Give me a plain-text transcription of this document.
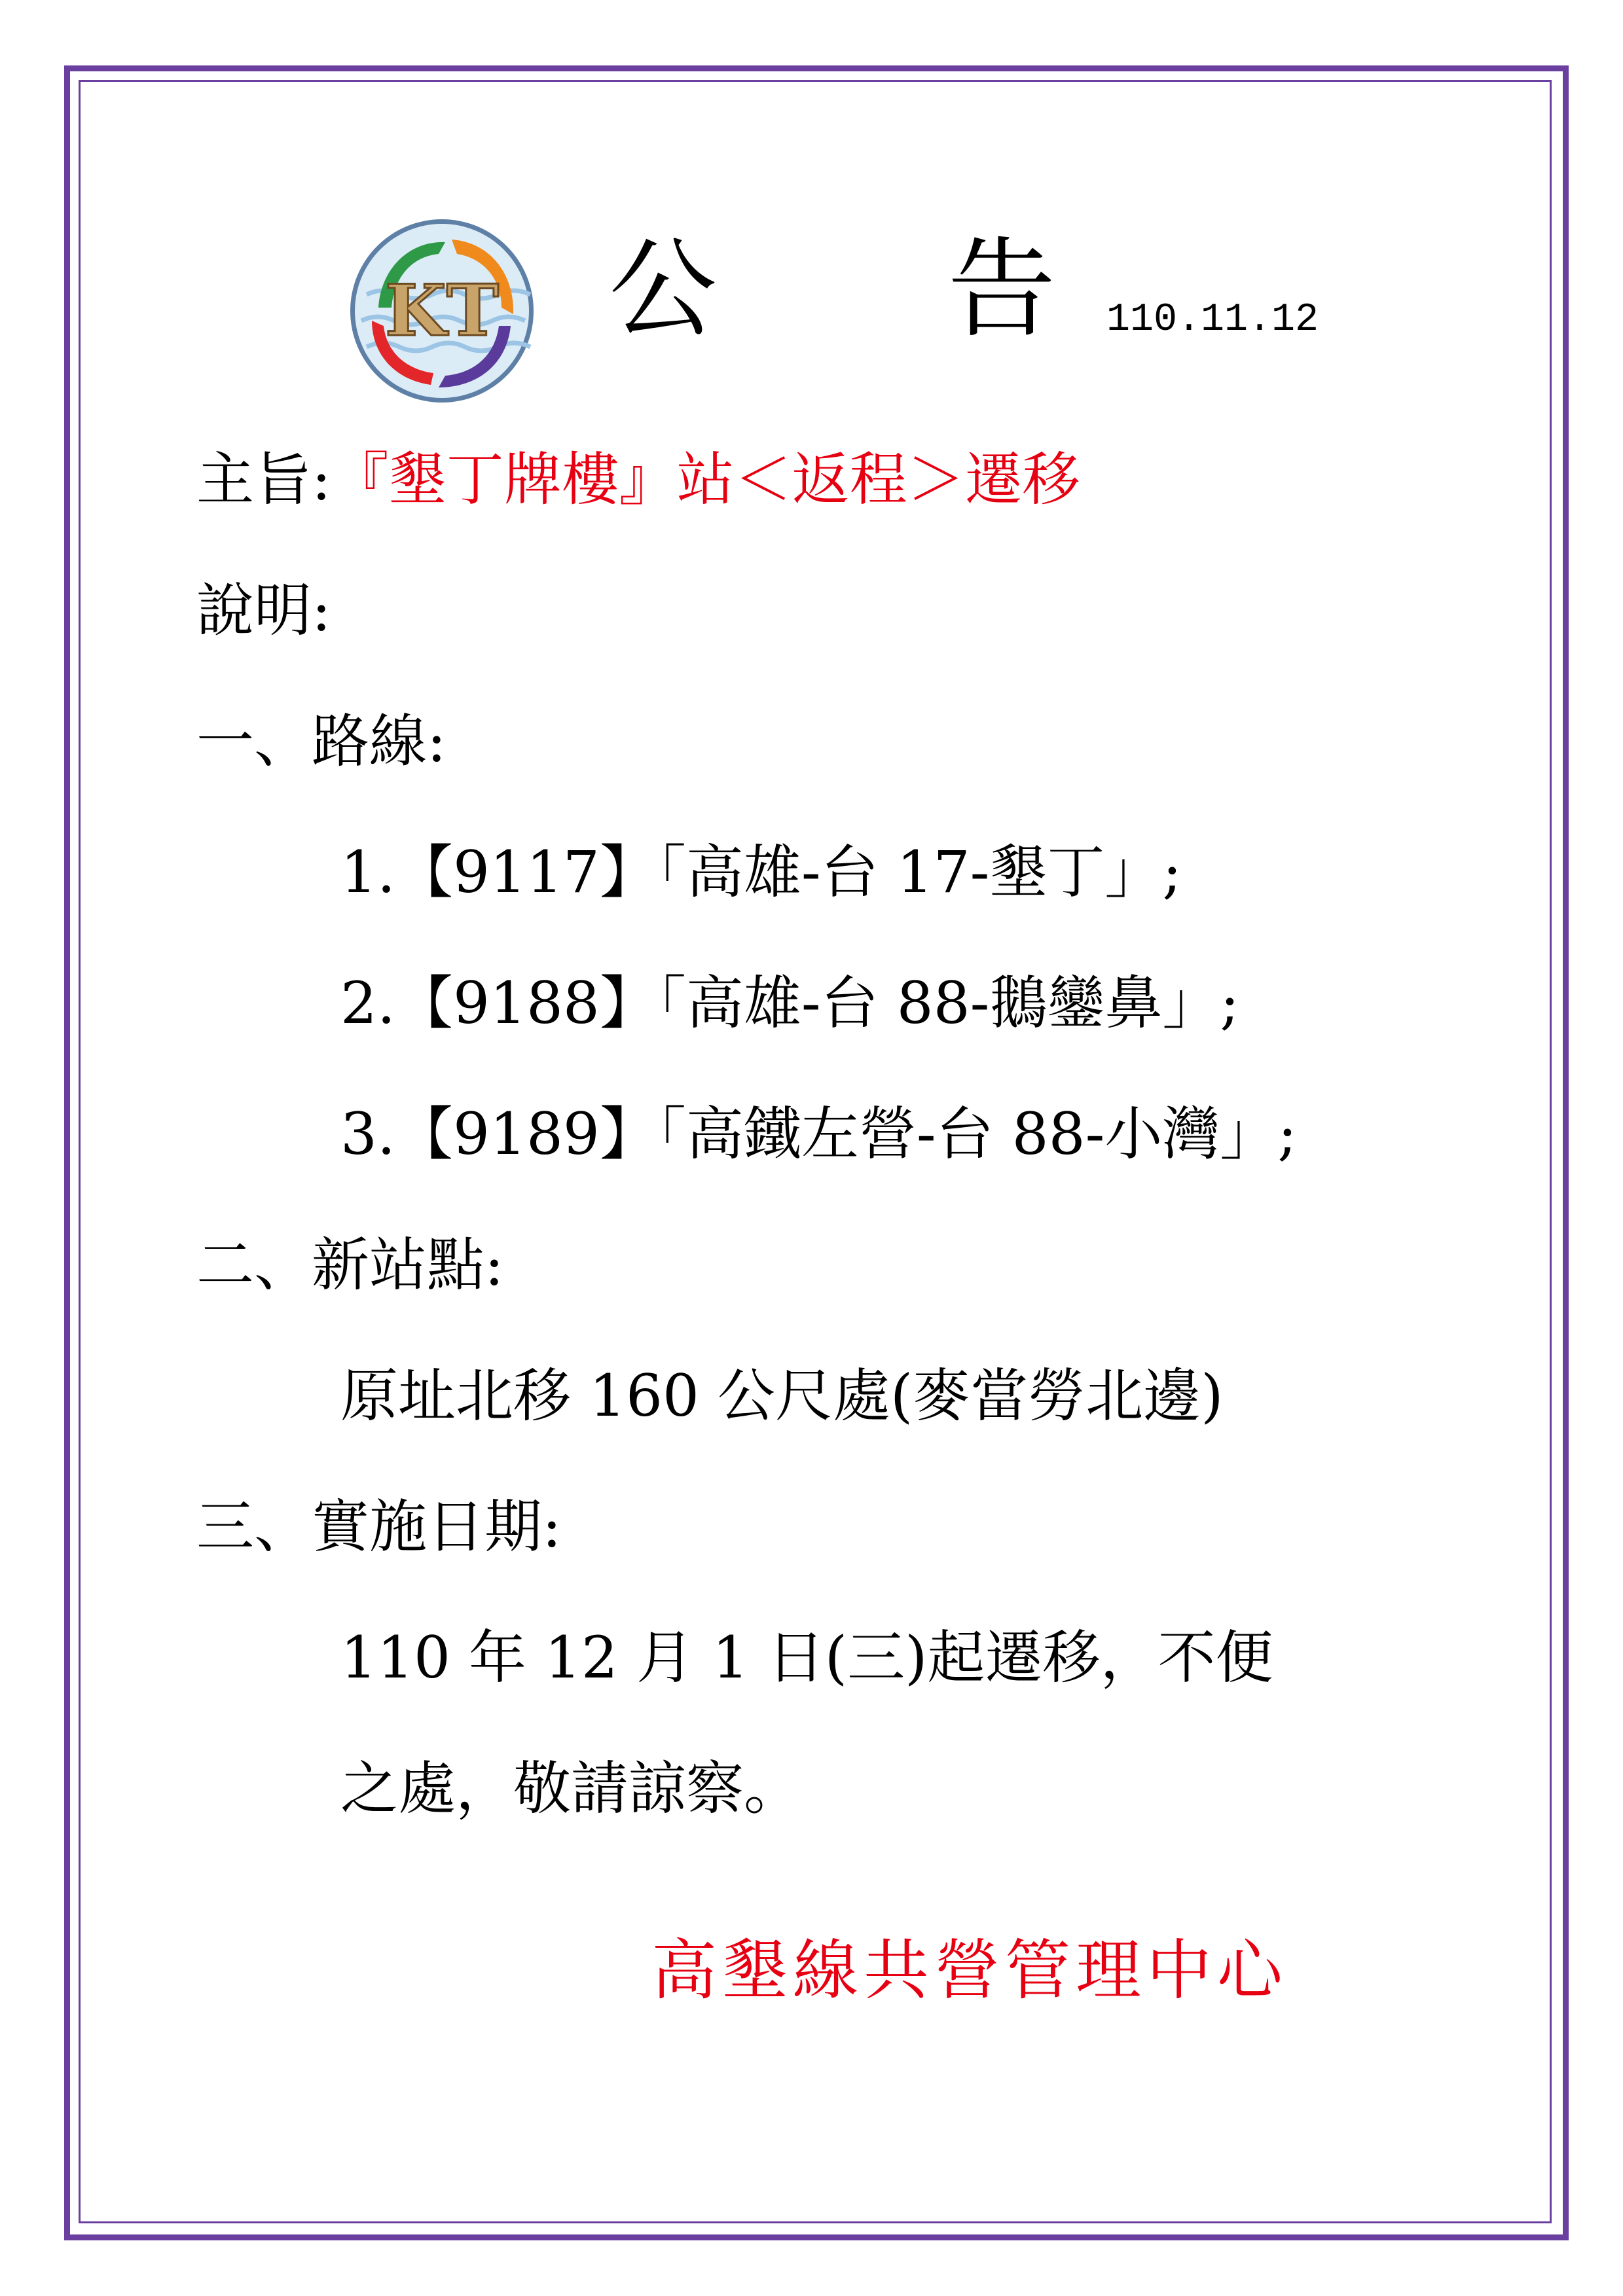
KT 公 告
110.11.12
主旨:『墾丁牌樓』站＜返程＞遷移
說明:
一、路線:
1.【9117】「高雄-台 17-墾丁」;
2.【9188】「高雄-台 88-鵝鑾鼻」;
3.【9189】「高鐵左營-台 88-小灣」;
二、新站點:
原址北移 160 公尺處(麥當勞北邊)
三、實施日期:
110 年 12 月 1 日(三)起遷移，不便
之處，敬請諒察。
高墾線共營管理中心
